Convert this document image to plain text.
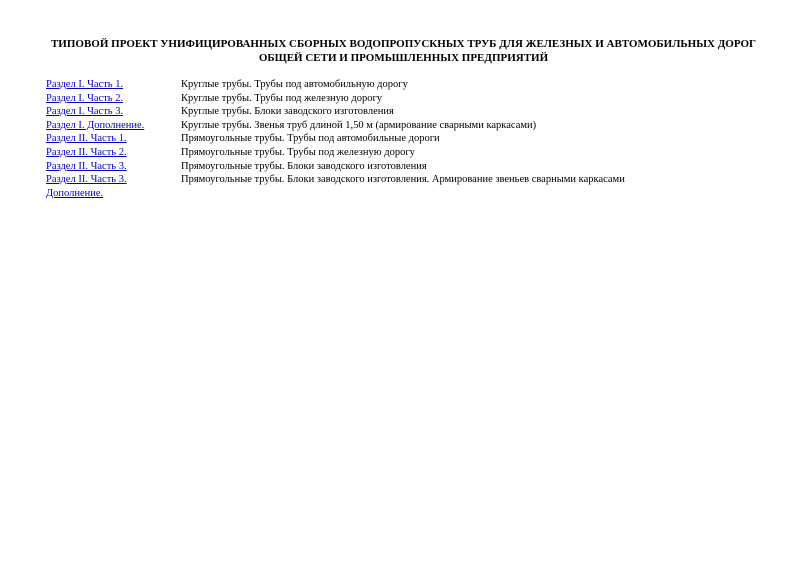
ТИПОВОЙ ПРОЕКТ УНИФИЦИРОВАННЫХ СБОРНЫХ ВОДОПРОПУСКНЫХ ТРУБ ДЛЯ ЖЕЛЕЗНЫХ И АВТОМОБИЛЬНЫХ ДОРОГ
ОБЩЕЙ СЕТИ И ПРОМЫШЛЕННЫХ ПРЕДПРИЯТИЙ
Раздел I. Часть 1.	Круглые трубы. Трубы под автомобильную дорогу
Раздел I. Часть 2.	Круглые трубы. Трубы под железную дорогу
Раздел I. Часть 3.	Круглые трубы. Блоки заводского изготовления
Раздел I. Дополнение.	Круглые трубы. Звенья труб длиной 1,50 м (армирование сварными каркасами)
Раздел II. Часть 1.	Прямоугольные трубы. Трубы под автомобильные дороги
Раздел II. Часть 2.	Прямоугольные трубы. Трубы под железную дорогу
Раздел II. Часть 3.	Прямоугольные трубы. Блоки заводского изготовления
Раздел II. Часть 3.	Прямоугольные трубы. Блоки заводского изготовления. Армирование звеньев сварными каркасами
Дополнение.
